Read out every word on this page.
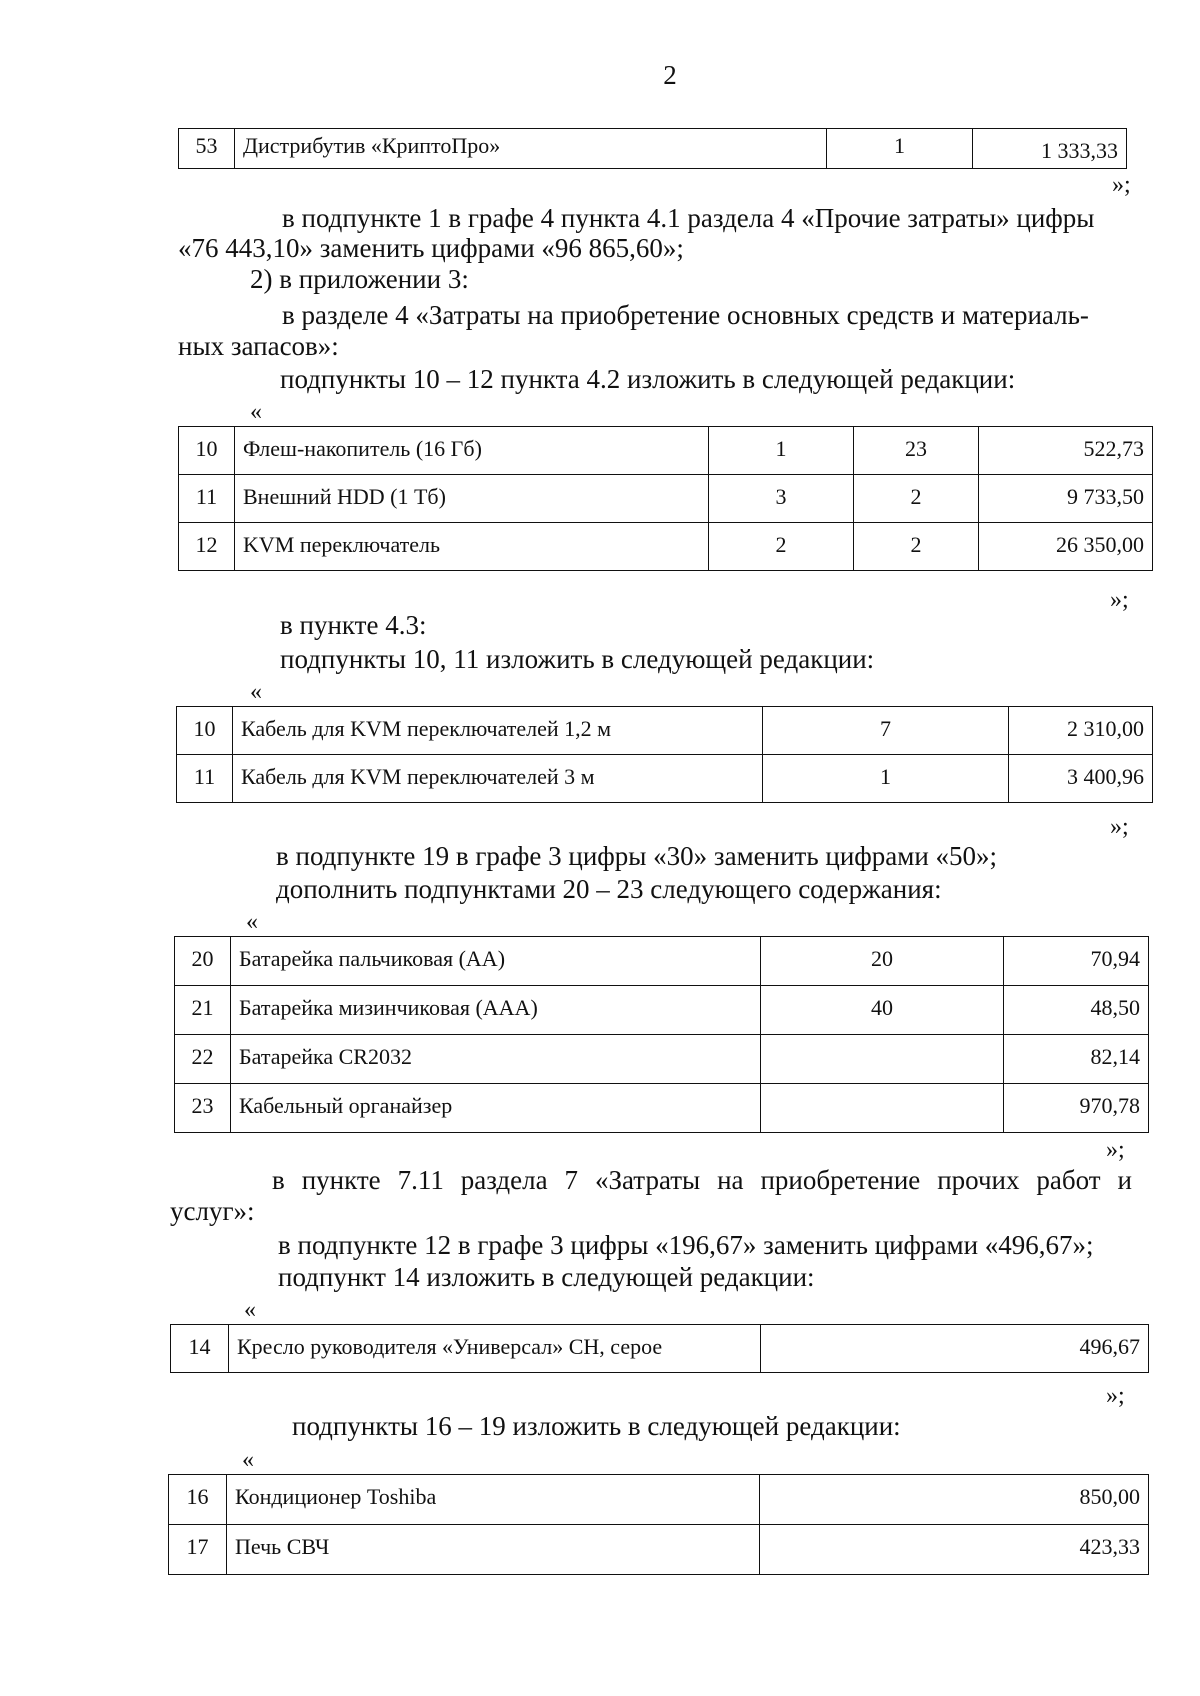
2
53	Дистрибутив «КриптоПро»	1	1 333,33
»;
в подпункте 1 в графе 4 пункта 4.1 раздела 4 «Прочие затраты» цифры
«76 443,10» заменить цифрами «96 865,60»;
2) в приложении 3:
в разделе 4 «Затраты на приобретение основных средств и материаль-
ных запасов»:
подпункты 10 – 12 пункта 4.2 изложить в следующей редакции:
«
10	Флеш-накопитель (16 Гб)	1	23	522,73
11	Внешний HDD (1 Тб)	3	2	9 733,50
12	KVM переключатель	2	2	26 350,00
»;
в пункте 4.3:
подпункты 10, 11 изложить в следующей редакции:
«
10	Кабель для KVM переключателей 1,2 м	7	2 310,00
11	Кабель для KVM переключателей 3 м	1	3 400,96
»;
в подпункте 19 в графе 3 цифры «30» заменить цифрами «50»;
дополнить подпунктами 20 – 23 следующего содержания:
«
20	Батарейка пальчиковая (АА)	20	70,94
21	Батарейка мизинчиковая (ААА)	40	48,50
22	Батарейка CR2032		82,14
23	Кабельный органайзер		970,78
»;
в пункте 7.11 раздела 7 «Затраты на приобретение прочих работ и
услуг»:
в подпункте 12 в графе 3 цифры «196,67» заменить цифрами «496,67»;
подпункт 14 изложить в следующей редакции:
«
14	Кресло руководителя «Универсал» СН, серое	496,67
»;
подпункты 16 – 19 изложить в следующей редакции:
«
16	Кондиционер Toshiba	850,00
17	Печь СВЧ	423,33
